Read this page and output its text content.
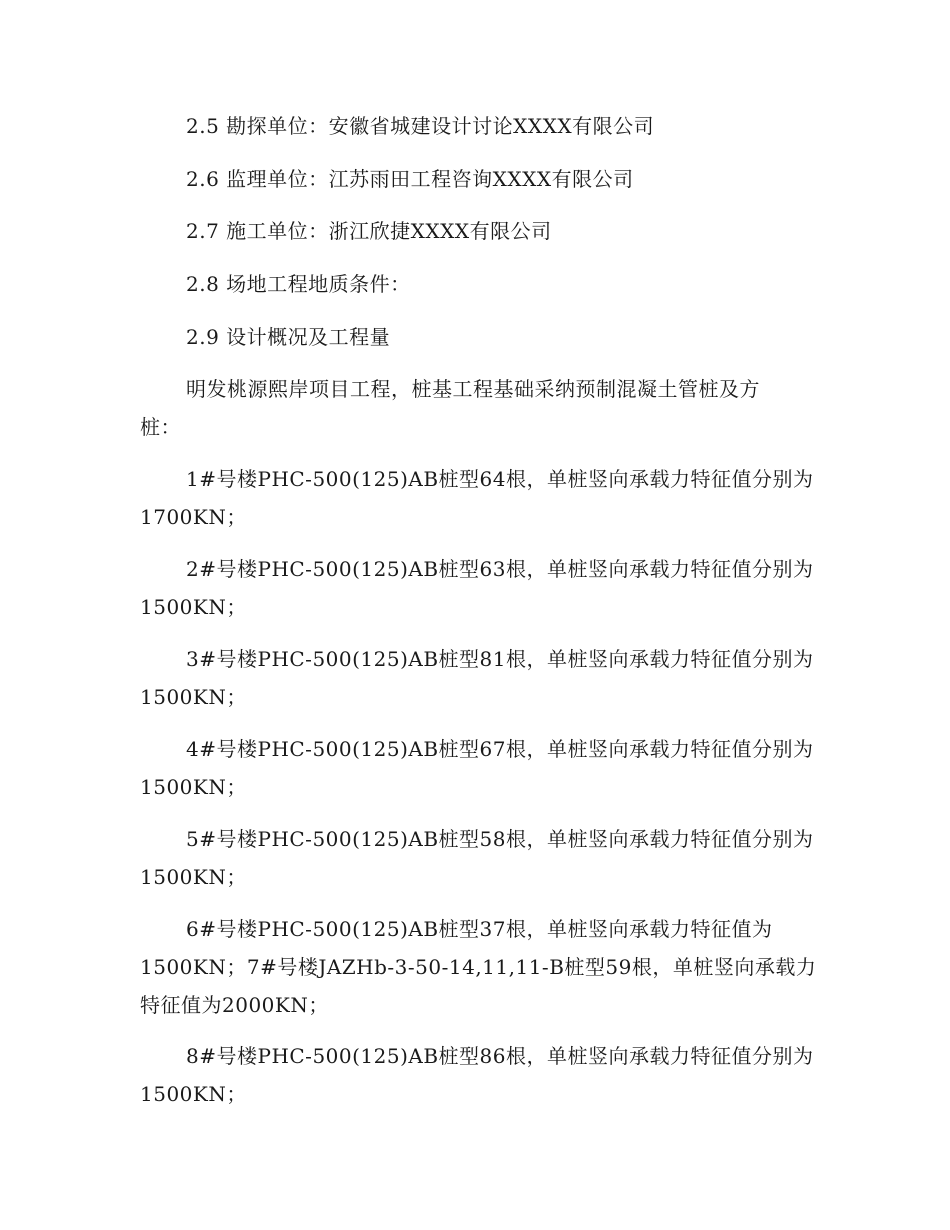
2.5 勘探单位：安徽省城建设计讨论XXXX有限公司

2.6 监理单位：江苏雨田工程咨询XXXX有限公司

2.7 施工单位：浙江欣捷XXXX有限公司

2.8 场地工程地质条件：

2.9 设计概况及工程量

明发桃源熙岸项目工程，桩基工程基础采纳预制混凝土管桩及方

桩：

1#号楼PHC-500(125)AB桩型64根，单桩竖向承载力特征值分别为

1700KN；

2#号楼PHC-500(125)AB桩型63根，单桩竖向承载力特征值分别为

1500KN；

3#号楼PHC-500(125)AB桩型81根，单桩竖向承载力特征值分别为

1500KN；

4#号楼PHC-500(125)AB桩型67根，单桩竖向承载力特征值分别为

1500KN；

5#号楼PHC-500(125)AB桩型58根，单桩竖向承载力特征值分别为

1500KN；

6#号楼PHC-500(125)AB桩型37根，单桩竖向承载力特征值为

1500KN；7#号楼JAZHb-3-50-14,11,11-B桩型59根，单桩竖向承载力

特征值为2000KN；

8#号楼PHC-500(125)AB桩型86根，单桩竖向承载力特征值分别为

1500KN；
